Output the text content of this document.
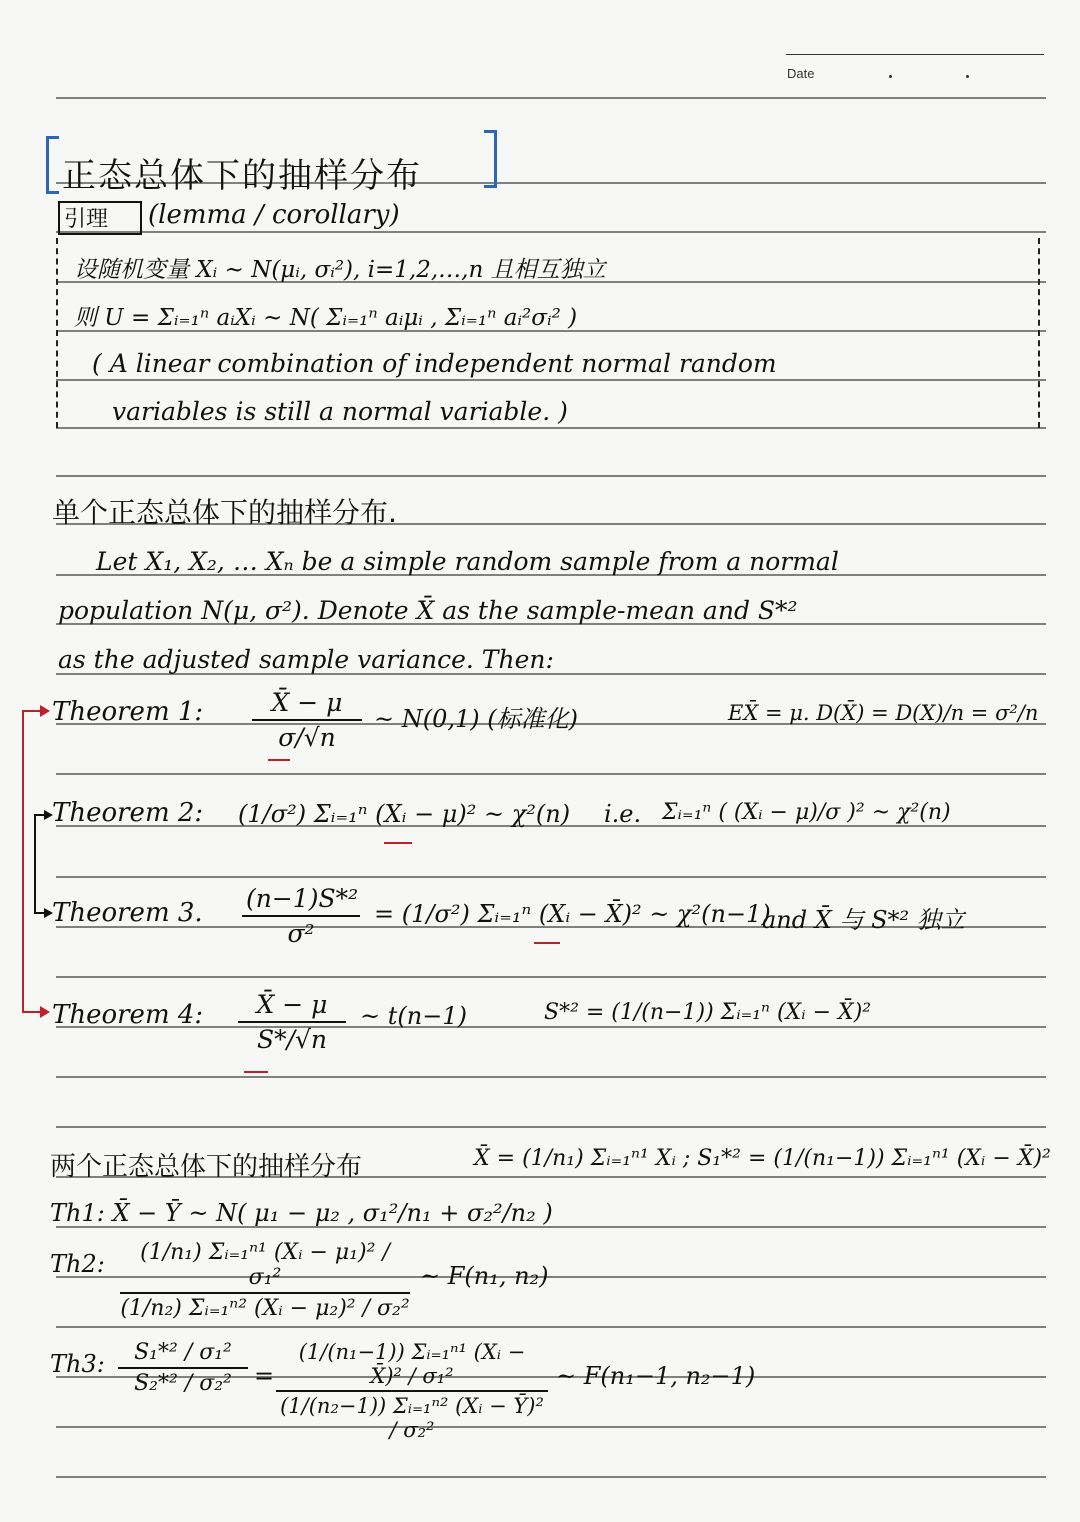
Date
正态总体下的抽样分布
引理 (lemma / corollary)
设随机变量 Xᵢ ~ N(μᵢ, σᵢ²), i=1,2,…,n 且相互独立
则 U = Σᵢ₌₁ⁿ aᵢXᵢ ~ N( Σᵢ₌₁ⁿ aᵢμᵢ , Σᵢ₌₁ⁿ aᵢ²σᵢ² )
( A linear combination of independent normal random
variables is still a normal variable. )
单个正态总体下的抽样分布.
Let X₁, X₂, … Xₙ be a simple random sample from a normal
population N(μ, σ²). Denote X̄ as the sample-mean and S*²
as the adjusted sample variance. Then:
Theorem 1: $\frac{X̄ - \mu}{\sigma/√n}$ ~ N(0,1) (标准化)	EX̄ = μ. D(X̄) = D(X)/n = σ²/n
Theorem 2: (1/σ²) Σᵢ₌₁ⁿ (Xᵢ − μ)² ~ χ²(n) i.e. Σᵢ₌₁ⁿ ( (Xᵢ − μ)/σ )² ~ χ²(n)
Theorem 3. $\frac{\text{(n−1)S*²}}{\text{σ²}} = (1/\sigma^2)$ Σᵢ₌₁ⁿ (Xᵢ − X̄)² ~ χ²(n−1)
and X̄ 与 S*² 独立
Theorem 4: $\frac{X̄ - \mu}{S*/√n}$ ~ t(n−1)	S*² = (1/(n−1)) Σᵢ₌₁ⁿ (Xᵢ − X̄)²
两个正态总体下的抽样分布	X̄ = (1/n₁) Σᵢ₌₁ⁿ¹ Xᵢ ; S₁*² = (1/(n₁−1)) Σᵢ₌₁ⁿ¹ (Xᵢ − X̄)²
Th1: X̄ − Ȳ ~ N( μ₁ − μ₂ , σ₁²/n₁ + σ₂²/n₂ )
Th2: $\frac{\text{(1/n₁) Σᵢ₌₁ⁿ¹ (Xᵢ − μ₁)² / σ₁²}}{\text{(1/n₂) Σᵢ₌₁ⁿ² (Xᵢ − μ₂)² / σ₂²}}$ ~ F(n₁, n₂)
Th3: $\frac{\text{S₁*² / σ₁²}}{\text{S₂*² / σ₂²}} = \frac{\text{(1/(n₁−1)) Σᵢ₌₁ⁿ¹ (Xᵢ − X̄)² / σ₁²}}{\text{(1/(n₂−1)) Σᵢ₌₁ⁿ² (Xᵢ − Ȳ)² / σ₂²}}$ ~ F(n₁−1, n₂−1)
